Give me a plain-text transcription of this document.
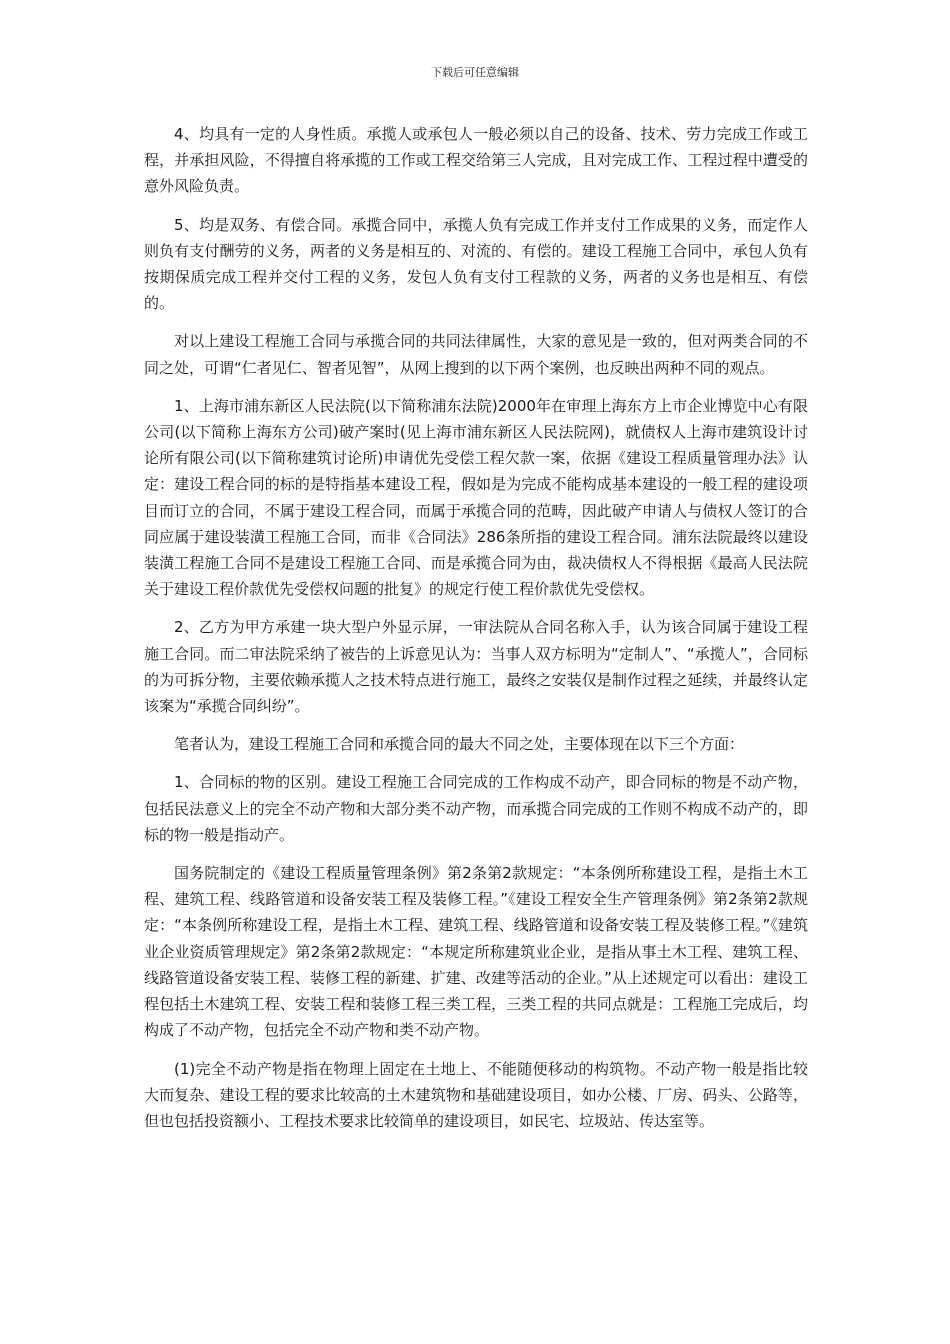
下载后可任意编辑

4、均具有一定的人身性质。承揽人或承包人一般必须以自己的设备、技术、劳力完成工作或工程，并承担风险，不得擅自将承揽的工作或工程交给第三人完成，且对完成工作、工程过程中遭受的意外风险负责。

5、均是双务、有偿合同。承揽合同中，承揽人负有完成工作并支付工作成果的义务，而定作人则负有支付酬劳的义务，两者的义务是相互的、对流的、有偿的。建设工程施工合同中，承包人负有按期保质完成工程并交付工程的义务，发包人负有支付工程款的义务，两者的义务也是相互、有偿的。

对以上建设工程施工合同与承揽合同的共同法律属性，大家的意见是一致的，但对两类合同的不同之处，可谓“仁者见仁、智者见智”，从网上搜到的以下两个案例，也反映出两种不同的观点。

1、上海市浦东新区人民法院(以下简称浦东法院)2000年在审理上海东方上市企业博览中心有限公司(以下简称上海东方公司)破产案时(见上海市浦东新区人民法院网)，就债权人上海市建筑设计讨论所有限公司(以下简称建筑讨论所)申请优先受偿工程欠款一案，依据《建设工程质量管理办法》认定：建设工程合同的标的是特指基本建设工程，假如是为完成不能构成基本建设的一般工程的建设项目而订立的合同，不属于建设工程合同，而属于承揽合同的范畴，因此破产申请人与债权人签订的合同应属于建设装潢工程施工合同，而非《合同法》286条所指的建设工程合同。浦东法院最终以建设装潢工程施工合同不是建设工程施工合同、而是承揽合同为由，裁决债权人不得根据《最高人民法院关于建设工程价款优先受偿权问题的批复》的规定行使工程价款优先受偿权。

2、乙方为甲方承建一块大型户外显示屏，一审法院从合同名称入手，认为该合同属于建设工程施工合同。而二审法院采纳了被告的上诉意见认为：当事人双方标明为“定制人”、“承揽人”，合同标的为可拆分物，主要依赖承揽人之技术特点进行施工，最终之安装仅是制作过程之延续，并最终认定该案为“承揽合同纠纷”。

笔者认为，建设工程施工合同和承揽合同的最大不同之处，主要体现在以下三个方面：

1、合同标的物的区别。建设工程施工合同完成的工作构成不动产，即合同标的物是不动产物，包括民法意义上的完全不动产物和大部分类不动产物，而承揽合同完成的工作则不构成不动产的，即标的物一般是指动产。

国务院制定的《建设工程质量管理条例》第2条第2款规定：“本条例所称建设工程，是指土木工程、建筑工程、线路管道和设备安装工程及装修工程。”《建设工程安全生产管理条例》第2条第2款规定：“本条例所称建设工程，是指土木工程、建筑工程、线路管道和设备安装工程及装修工程。”《建筑业企业资质管理规定》第2条第2款规定：“本规定所称建筑业企业，是指从事土木工程、建筑工程、线路管道设备安装工程、装修工程的新建、扩建、改建等活动的企业。”从上述规定可以看出：建设工程包括土木建筑工程、安装工程和装修工程三类工程，三类工程的共同点就是：工程施工完成后，均构成了不动产物，包括完全不动产物和类不动产物。

(1)完全不动产物是指在物理上固定在土地上、不能随便移动的构筑物。不动产物一般是指比较大而复杂、建设工程的要求比较高的土木建筑物和基础建设项目，如办公楼、厂房、码头、公路等，但也包括投资额小、工程技术要求比较简单的建设项目，如民宅、垃圾站、传达室等。
